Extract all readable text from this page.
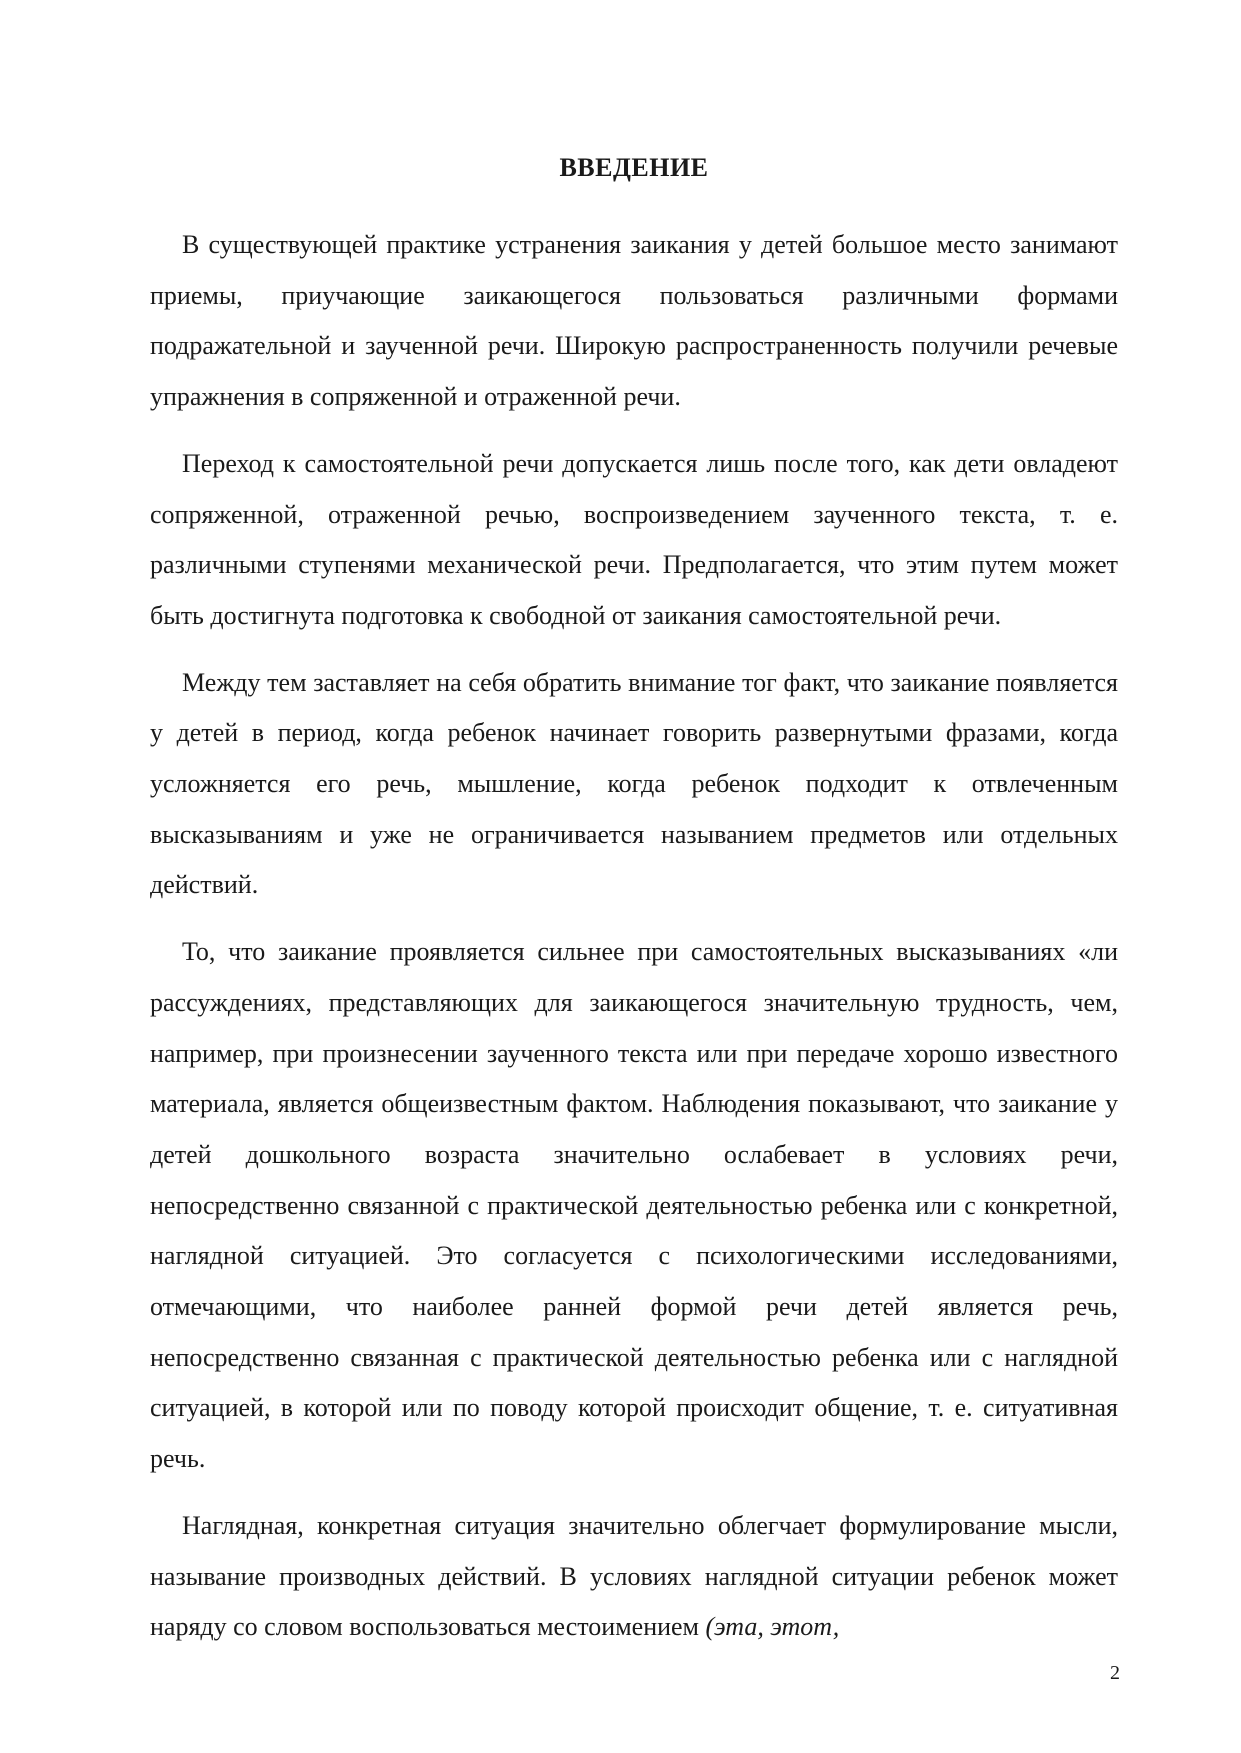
ВВЕДЕНИЕ

В существующей практике устранения заикания у детей большое место занимают приемы, приучающие заикающегося пользоваться различными формами подражательной и заученной речи. Широкую распространенность получили речевые упражнения в сопряженной и отраженной речи.

Переход к самостоятельной речи допускается лишь после того, как дети овладеют сопряженной, отраженной речью, воспроизведением заученного текста, т. е. различными ступенями механической речи. Предполагается, что этим путем может быть достигнута подготовка к свободной от заикания самостоятельной речи.

Между тем заставляет на себя обратить внимание тог факт, что заикание появляется у детей в период, когда ребенок начинает говорить развернутыми фразами, когда усложняется его речь, мышление, когда ребенок подходит к отвлеченным высказываниям и уже не ограничивается называнием предметов или отдельных действий.

То, что заикание проявляется сильнее при самостоятельных высказываниях «ли рассуждениях, представляющих для заикающегося значительную трудность, чем, например, при произнесении заученного текста или при передаче хорошо известного материала, является общеизвестным фактом. Наблюдения показывают, что заикание у детей дошкольного возраста значительно ослабевает в условиях речи, непосредственно связанной с практической деятельностью ребенка или с конкретной, наглядной ситуацией. Это согласуется с психологическими исследованиями, отмечающими, что наиболее ранней формой речи детей является речь, непосредственно связанная с практической деятельностью ребенка или с наглядной ситуацией, в которой или по поводу которой происходит общение, т. е. ситуативная речь.

Наглядная, конкретная ситуация значительно облегчает формулирование мысли, называние производных действий. В условиях наглядной ситуации ребенок может наряду со словом воспользоваться местоимением (эта, этот,

2
